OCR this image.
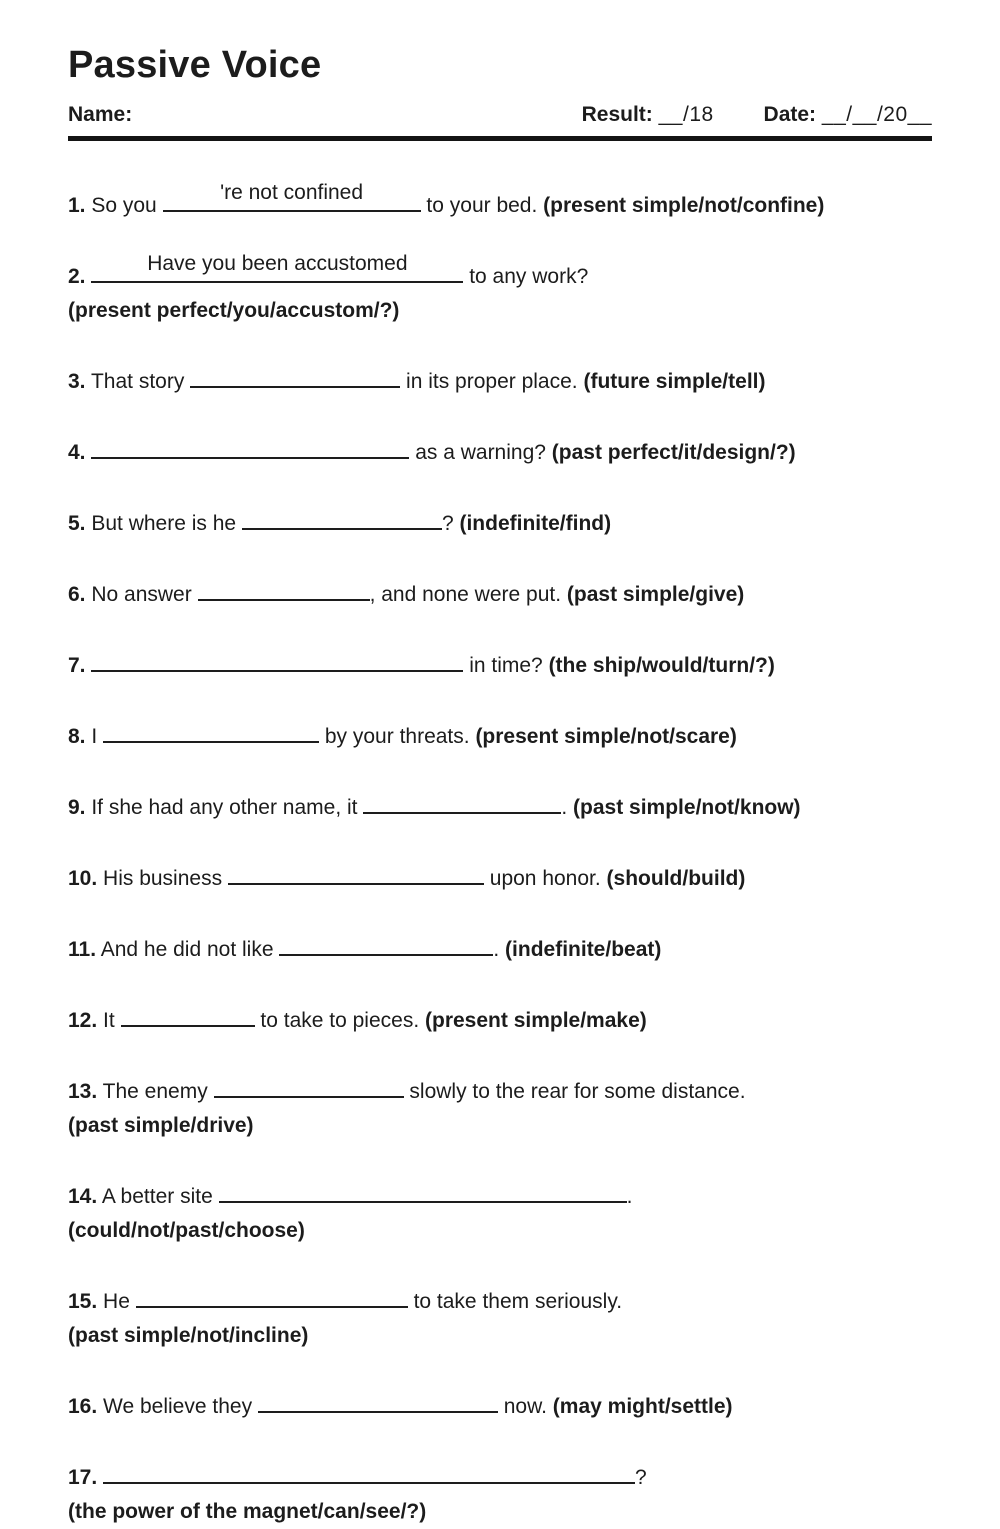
Passive Voice
Name:	Result: __/18 Date: __/__/20__
1. So you 're not confined to your bed. (present simple/not/confine)
2. Have you been accustomed to any work?
(present perfect/you/accustom/?)
3. That story	in its proper place. (future simple/tell)
4.	as a warning? (past perfect/it/design/?)
5. But where is he	? (indefinite/find)
6. No answer	, and none were put. (past simple/give)
7.	in time? (the ship/would/turn/?)
8. I	by your threats. (present simple/not/scare)
9. If she had any other name, it	. (past simple/not/know)
10. His business	upon honor. (should/build)
11. And he did not like	. (indefinite/beat)
12. It	to take to pieces. (present simple/make)
13. The enemy	slowly to the rear for some distance.
(past simple/drive)
14. A better site	.
(could/not/past/choose)
15. He	to take them seriously.
(past simple/not/incline)
16. We believe they	now. (may might/settle)
17.	?
(the power of the magnet/can/see/?)
